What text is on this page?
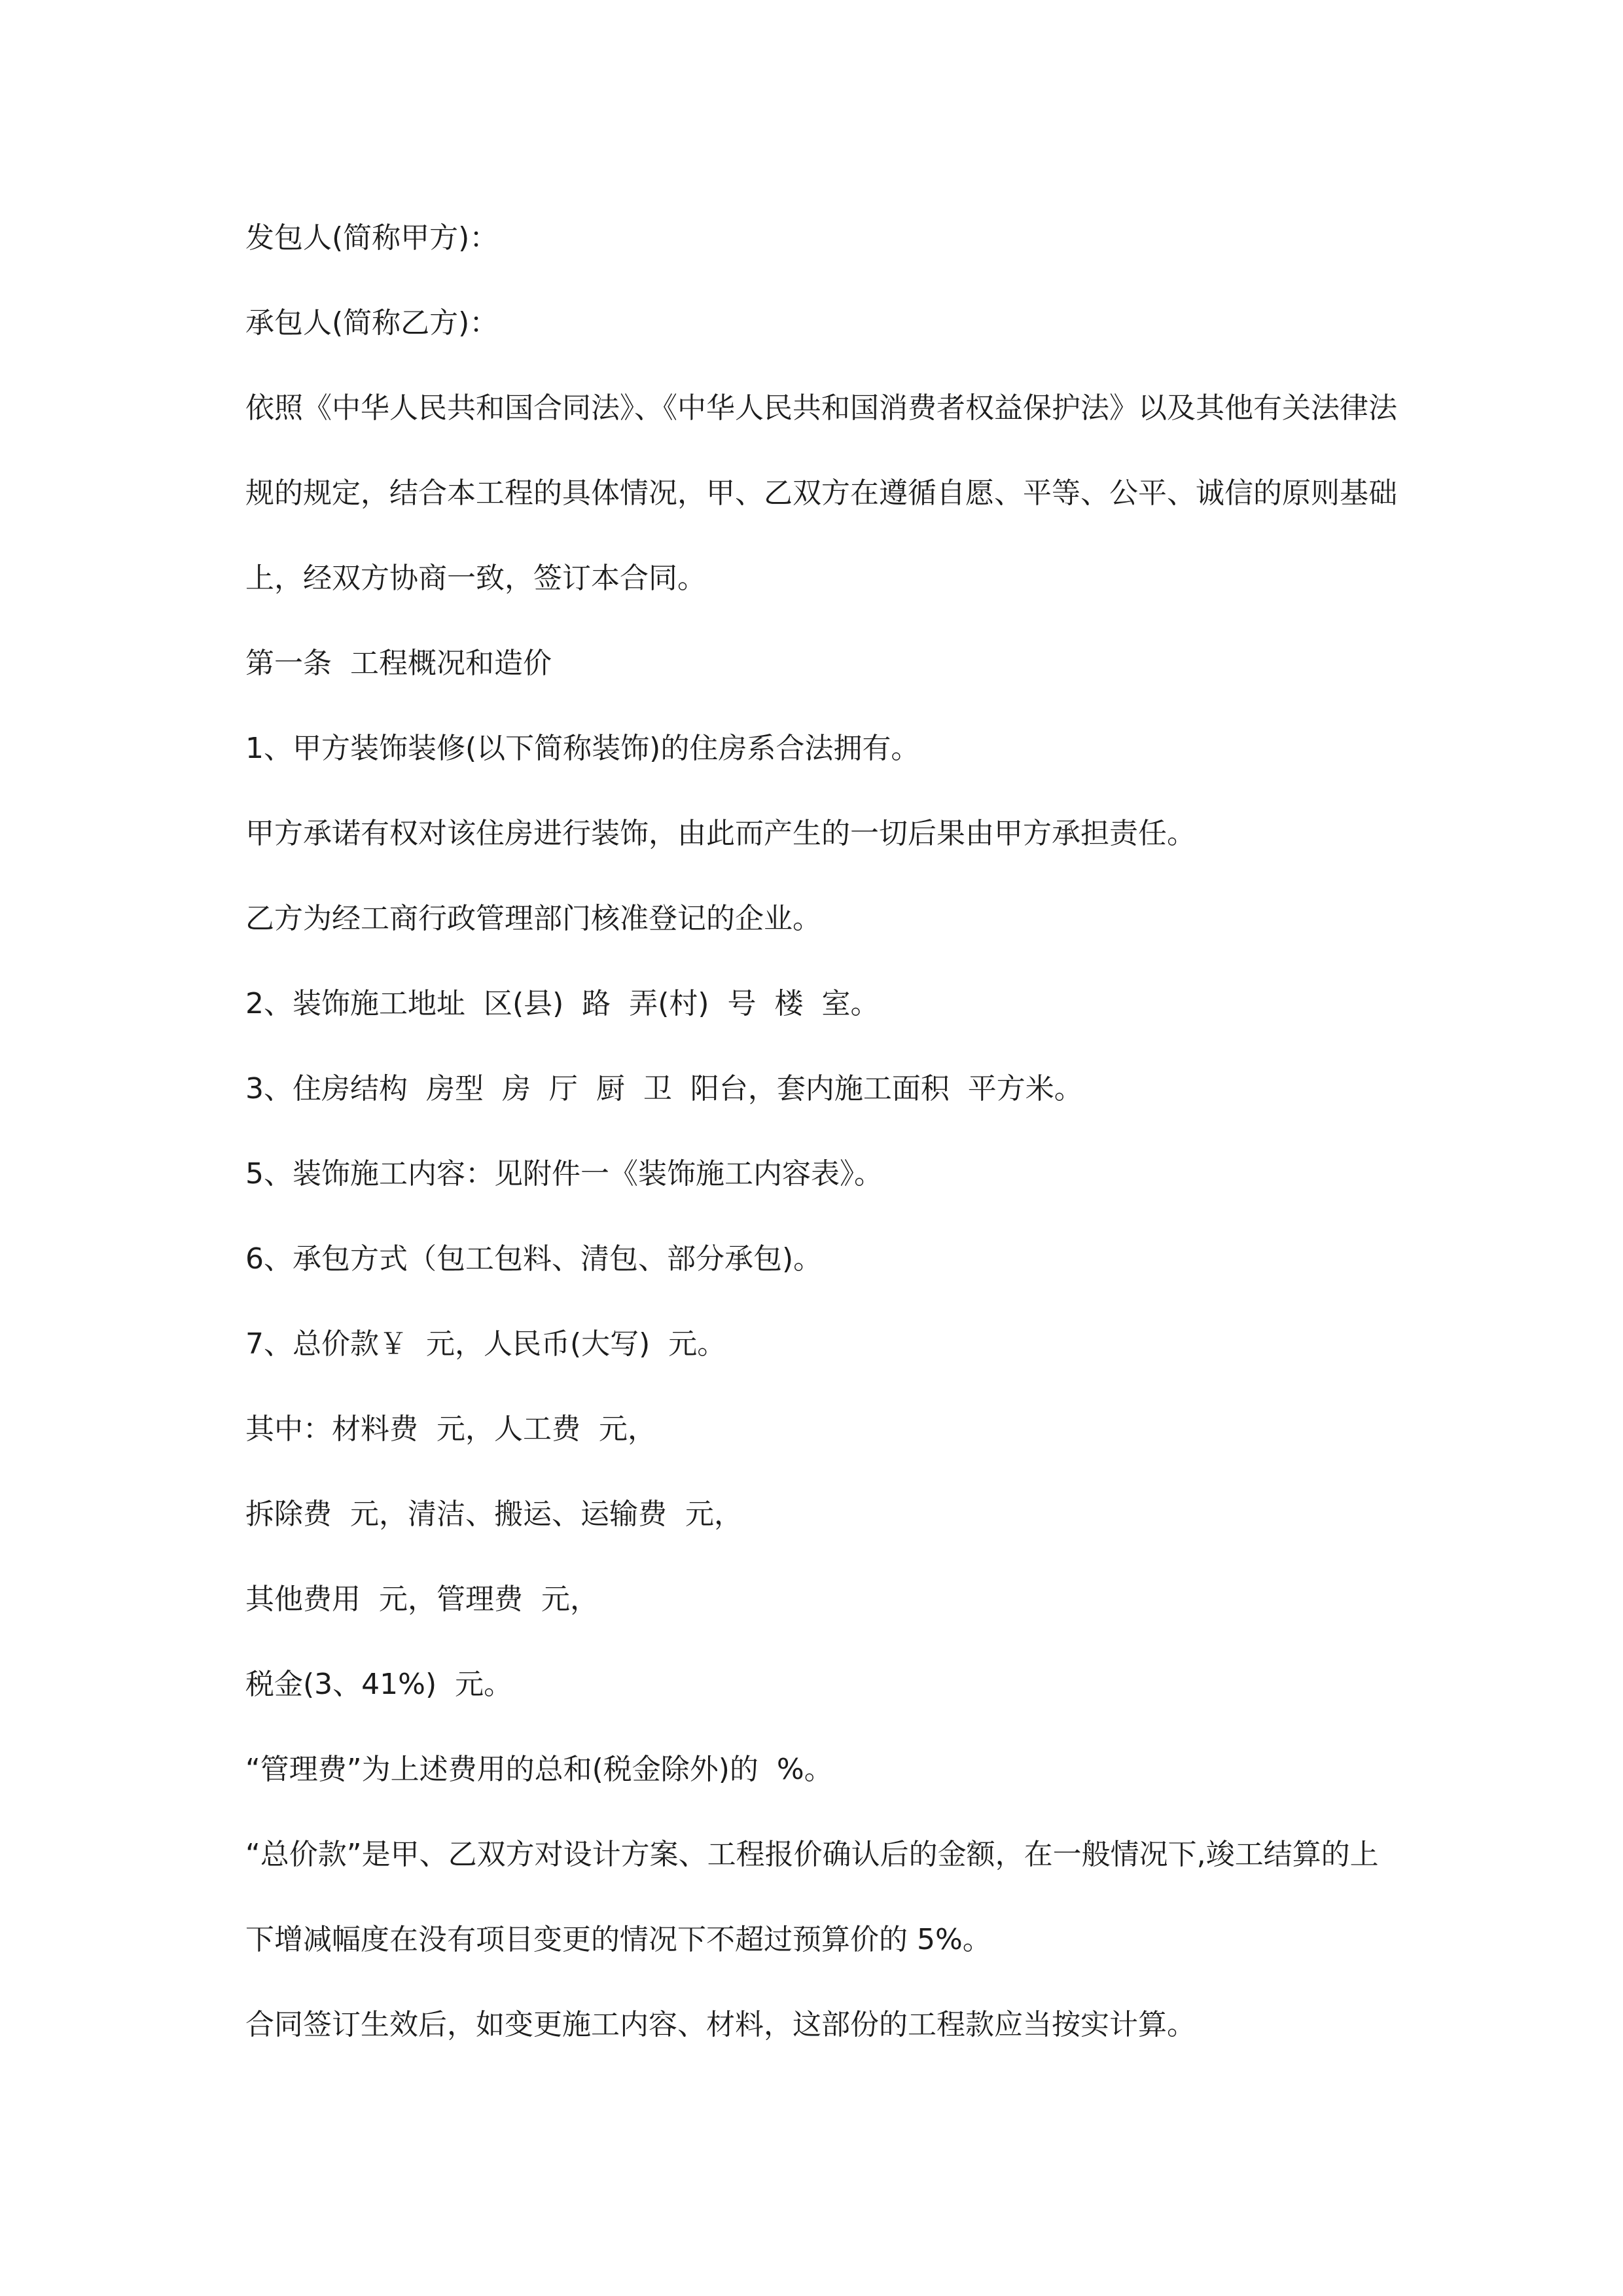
发包人(简称甲方)：
承包人(简称乙方)：
依照《中华人民共和国合同法》、《中华人民共和国消费者权益保护法》以及其他有关法律法
规的规定，结合本工程的具体情况，甲、乙双方在遵循自愿、平等、公平、诚信的原则基础
上，经双方协商一致，签订本合同。
第一条  工程概况和造价
1、甲方装饰装修(以下简称装饰)的住房系合法拥有。
甲方承诺有权对该住房进行装饰，由此而产生的一切后果由甲方承担责任。
乙方为经工商行政管理部门核准登记的企业。
2、装饰施工地址  区(县)  路  弄(村)  号  楼  室。
3、住房结构  房型  房  厅  厨  卫  阳台，套内施工面积  平方米。
5、装饰施工内容：见附件一《装饰施工内容表》。
6、承包方式（包工包料、清包、部分承包)。
7、总价款￥  元，人民币(大写)  元。
其中：材料费  元，人工费  元，
拆除费  元，清洁、搬运、运输费  元，
其他费用  元，管理费  元，
税金(3、41%)  元。
“管理费”为上述费用的总和(税金除外)的  %。
“总价款”是甲、乙双方对设计方案、工程报价确认后的金额，在一般情况下,竣工结算的上
下增减幅度在没有项目变更的情况下不超过预算价的 5%。
合同签订生效后，如变更施工内容、材料，这部份的工程款应当按实计算。
